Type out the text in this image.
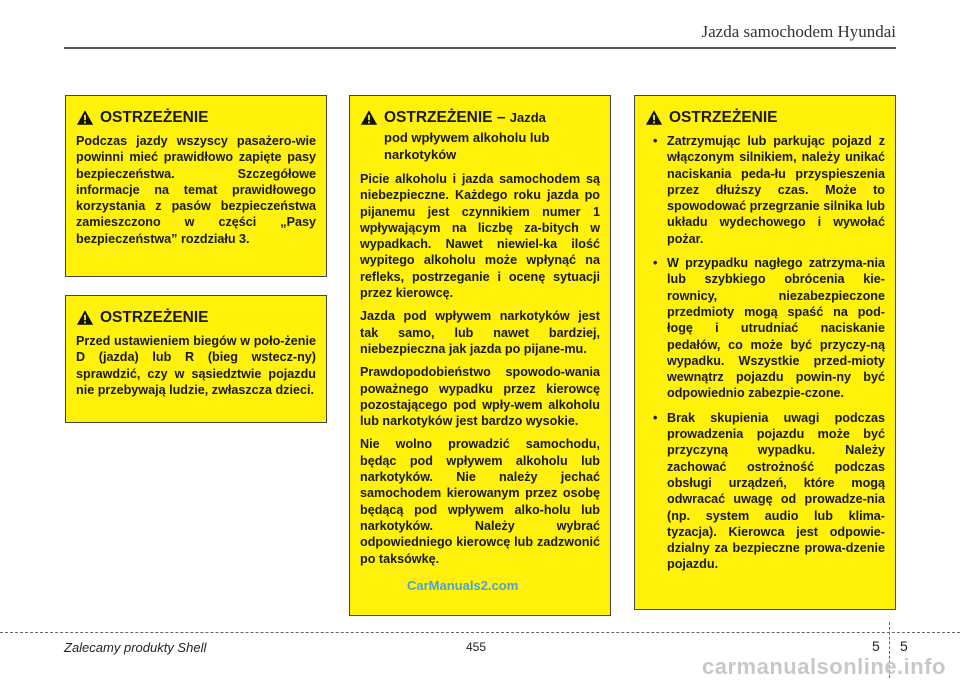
Jazda samochodem Hyundai
OSTRZEŻENIE

Podczas jazdy wszyscy pasażero-wie powinni mieć prawidłowo zapięte pasy bezpieczeństwa. Szczegółowe informacje na temat prawidłowego korzystania z pasów bezpieczeństwa zamieszczono w części „Pasy bezpieczeństwa” rozdziału 3.

OSTRZEŻENIE

Przed ustawieniem biegów w poło-żenie D (jazda) lub R (bieg wstecz-ny) sprawdzić, czy w sąsiedztwie pojazdu nie przebywają ludzie, zwłaszcza dzieci.

OSTRZEŻENIE – Jazda
pod wpływem alkoholu lub narkotyków

Picie alkoholu i jazda samochodem są niebezpieczne. Każdego roku jazda po pijanemu jest czynnikiem numer 1 wpływającym na liczbę za-bitych w wypadkach. Nawet niewiel-ka ilość wypitego alkoholu może wpłynąć na refleks, postrzeganie i ocenę sytuacji przez kierowcę.

Jazda pod wpływem narkotyków jest tak samo, lub nawet bardziej, niebezpieczna jak jazda po pijane-mu.

Prawdopodobieństwo spowodo-wania poważnego wypadku przez kierowcę pozostającego pod wpły-wem alkoholu lub narkotyków jest bardzo wysokie.

Nie wolno prowadzić samochodu, będąc pod wpływem alkoholu lub narkotyków. Nie należy jechać samochodem kierowanym przez osobę będącą pod wpływem alko-holu lub narkotyków. Należy wybrać odpowiedniego kierowcę lub zadzwonić po taksówkę.

OSTRZEŻENIE
• Zatrzymując lub parkując pojazd z włączonym silnikiem, należy unikać naciskania peda-łu przyspieszenia przez dłuższy czas. Może to spowodować przegrzanie silnika lub układu wydechowego i wywołać pożar.
• W przypadku nagłego zatrzyma-nia lub szybkiego obrócenia kie-rownicy, niezabezpieczone przedmioty mogą spaść na pod-łogę i utrudniać naciskanie pedałów, co może być przyczy-ną wypadku. Wszystkie przed-mioty wewnątrz pojazdu powin-ny być odpowiednio zabezpie-czone.
• Brak skupienia uwagi podczas prowadzenia pojazdu może być przyczyną wypadku. Należy zachować ostrożność podczas obsługi urządzeń, które mogą odwracać uwagę od prowadze-nia (np. system audio lub klima-tyzacja). Kierowca jest odpowie-dzialny za bezpieczne prowa-dzenie pojazdu.
CarManuals2.com
Zalecamy produkty Shell	455	5 5
carmanualsonline.info
